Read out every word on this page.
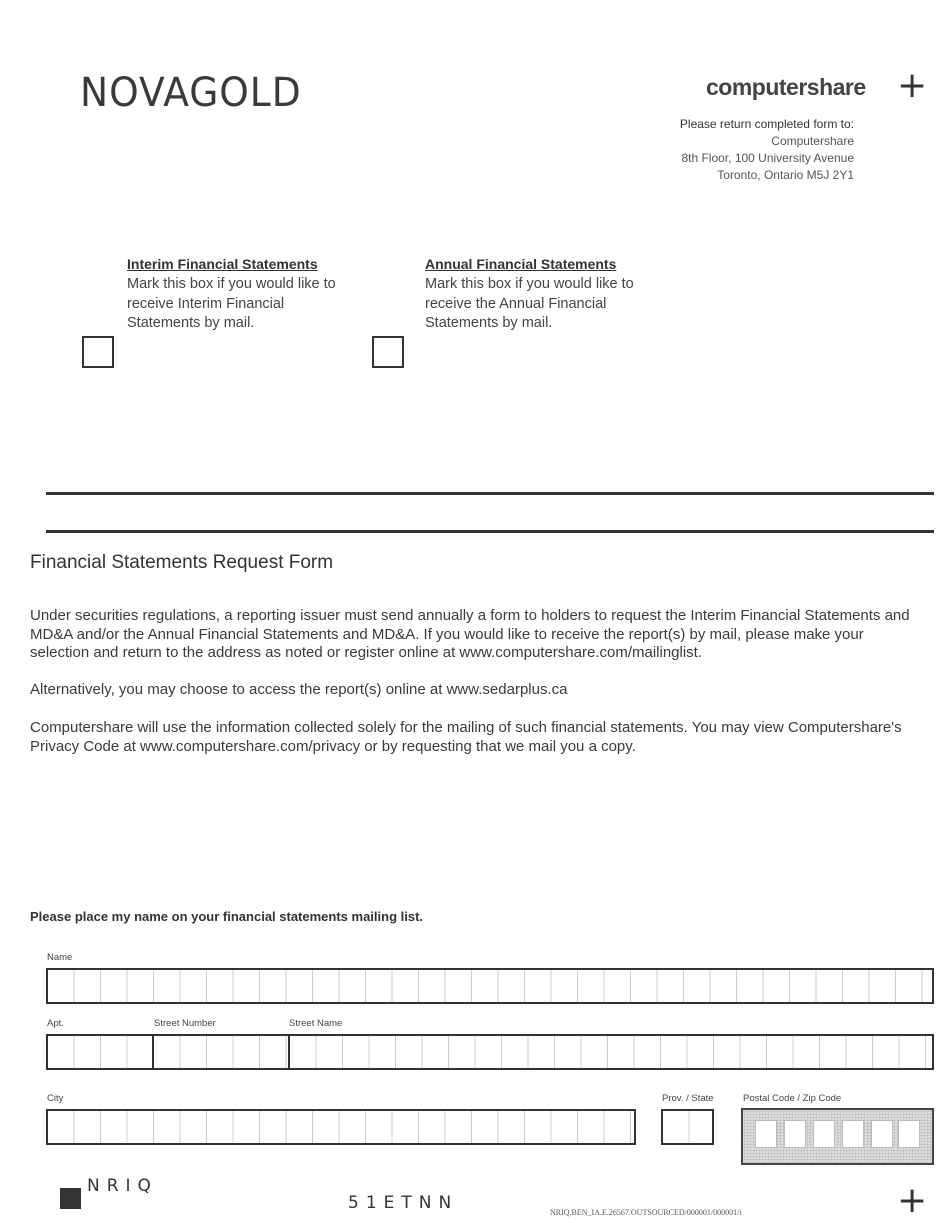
NOVAGOLD	computershare +
Please return completed form to:
Computershare
8th Floor, 100 University Avenue
Toronto, Ontario M5J 2Y1
Interim Financial Statements
Mark this box if you would like to receive Interim Financial Statements by mail.
Annual Financial Statements
Mark this box if you would like to receive the Annual Financial Statements by mail.
Financial Statements Request Form
Under securities regulations, a reporting issuer must send annually a form to holders to request the Interim Financial Statements and MD&A and/or the Annual Financial Statements and MD&A. If you would like to receive the report(s) by mail, please make your selection and return to the address as noted or register online at www.computershare.com/mailinglist.
Alternatively, you may choose to access the report(s) online at www.sedarplus.ca
Computershare will use the information collected solely for the mailing of such financial statements. You may view Computershare's Privacy Code at www.computershare.com/privacy or by requesting that we mail you a copy.
Please place my name on your financial statements mailing list.
Name
Apt.	Street Number	Street Name
City	Prov. / State	Postal Code / Zip Code
NRIQ
51ETNN	NRIQ.BEN_IA.E.26567.OUTSOURCED/000001/000001/i	+
